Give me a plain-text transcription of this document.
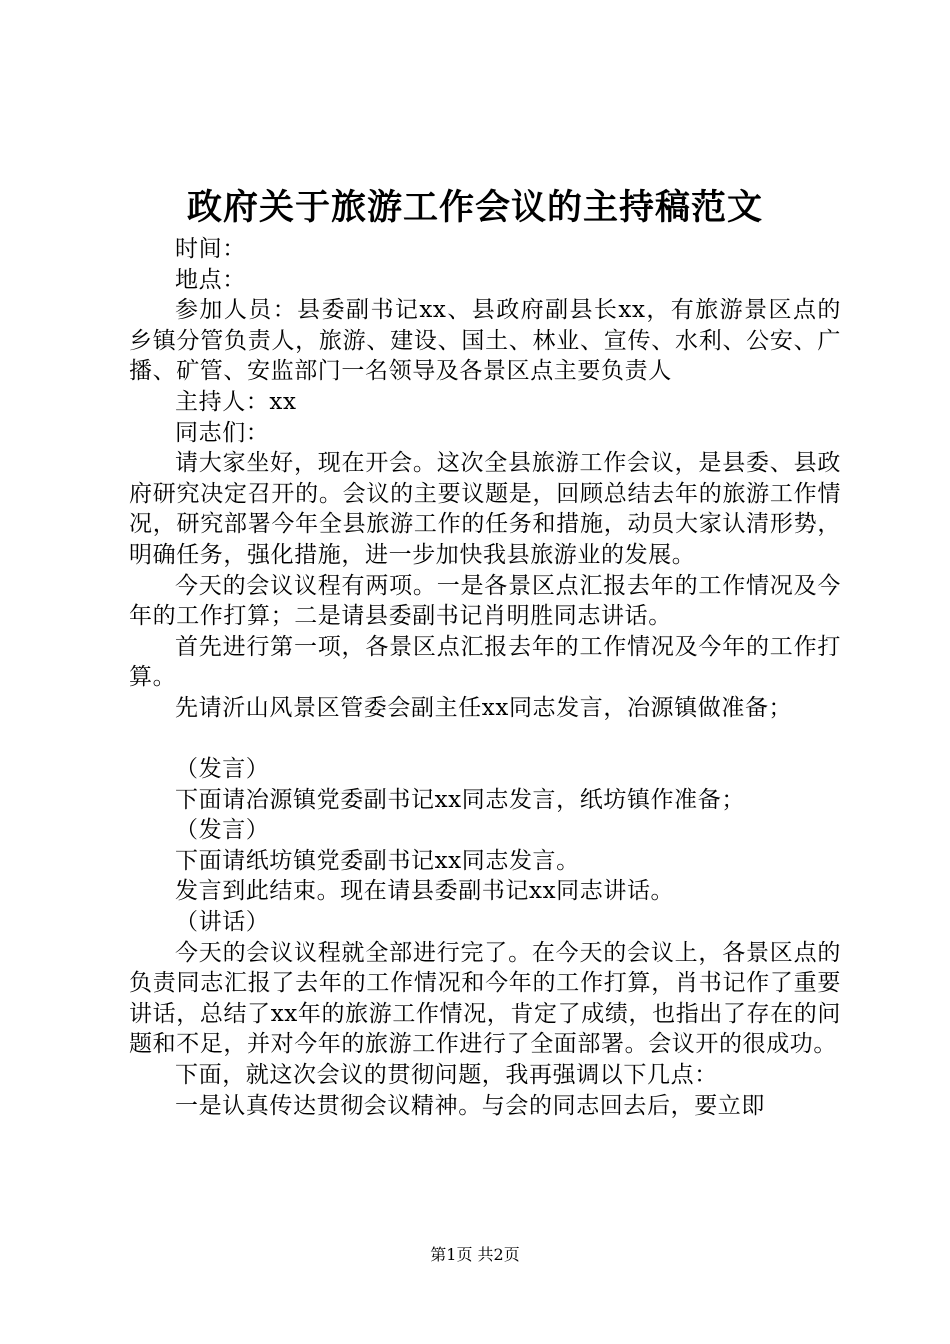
政府关于旅游工作会议的主持稿范文

时间：

地点：

参加人员：县委副书记xx、县政府副县长xx，有旅游景区点的乡镇分管负责人，旅游、建设、国土、林业、宣传、水利、公安、广播、矿管、安监部门一名领导及各景区点主要负责人

主持人：xx

同志们：

请大家坐好，现在开会。这次全县旅游工作会议，是县委、县政府研究决定召开的。会议的主要议题是，回顾总结去年的旅游工作情况，研究部署今年全县旅游工作的任务和措施，动员大家认清形势，明确任务，强化措施，进一步加快我县旅游业的发展。

今天的会议议程有两项。一是各景区点汇报去年的工作情况及今年的工作打算；二是请县委副书记肖明胜同志讲话。

首先进行第一项，各景区点汇报去年的工作情况及今年的工作打算。

先请沂山风景区管委会副主任xx同志发言，冶源镇做准备；

（发言）

下面请冶源镇党委副书记xx同志发言，纸坊镇作准备；

（发言）

下面请纸坊镇党委副书记xx同志发言。

发言到此结束。现在请县委副书记xx同志讲话。

（讲话）

今天的会议议程就全部进行完了。在今天的会议上，各景区点的负责同志汇报了去年的工作情况和今年的工作打算，肖书记作了重要讲话，总结了xx年的旅游工作情况，肯定了成绩，也指出了存在的问题和不足，并对今年的旅游工作进行了全面部署。会议开的很成功。

下面，就这次会议的贯彻问题，我再强调以下几点：

一是认真传达贯彻会议精神。与会的同志回去后，要立即

第1页 共2页
